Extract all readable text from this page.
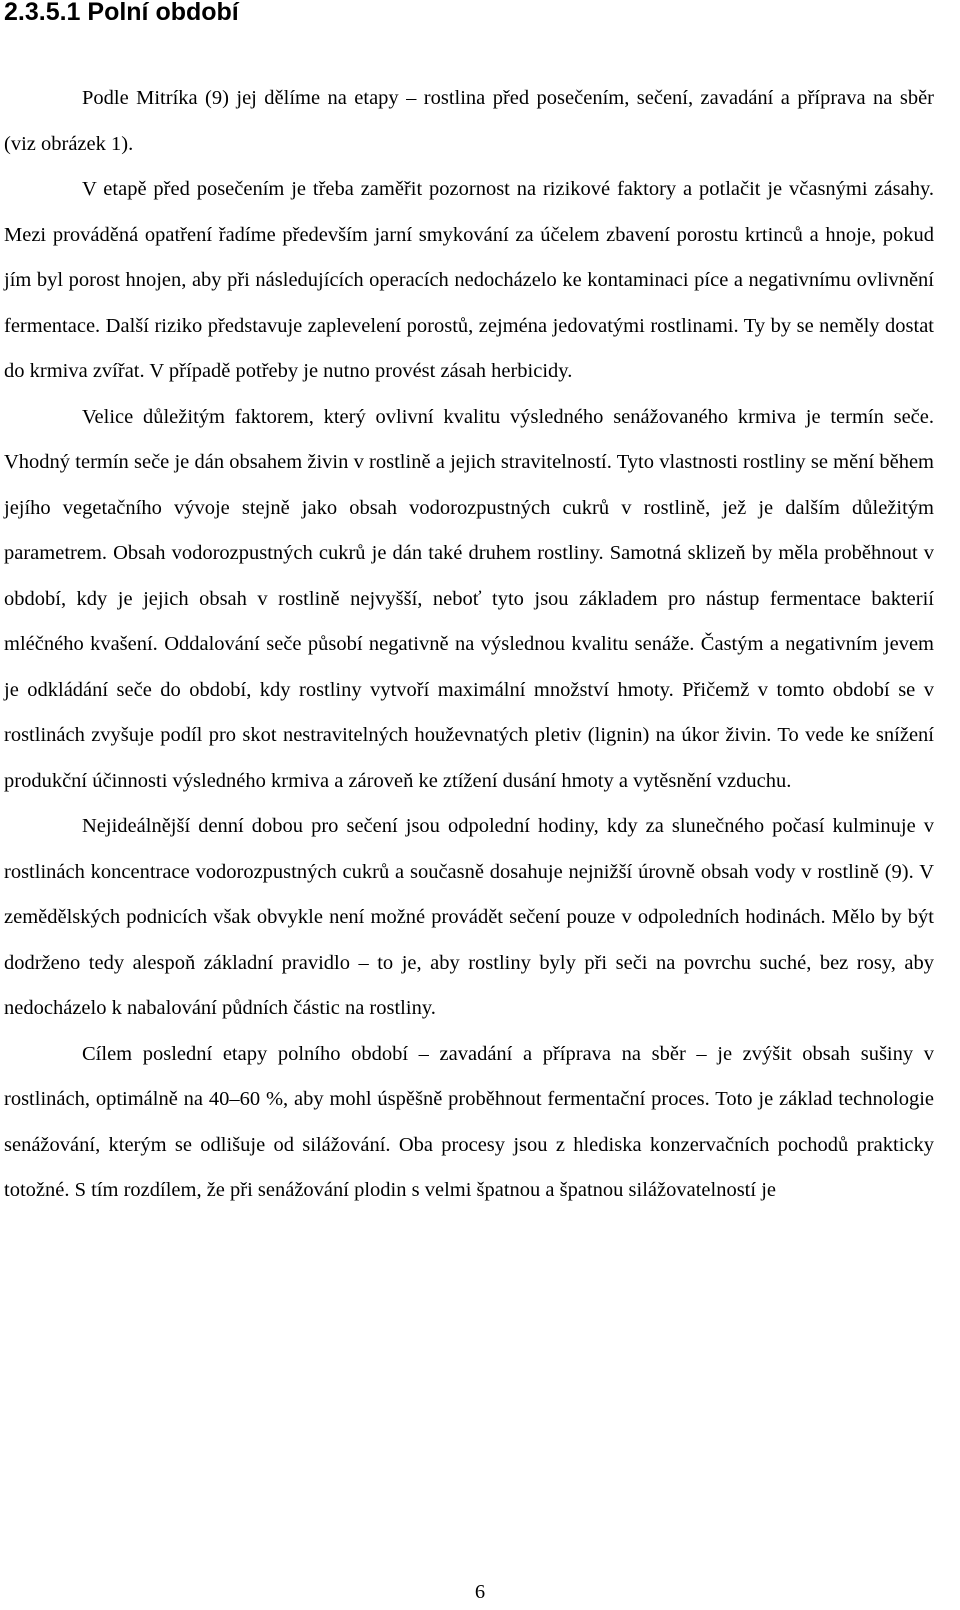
2.3.5.1 Polní období

Podle Mitríka (9) jej dělíme na etapy – rostlina před posečením, sečení, zavadání a příprava na sběr (viz obrázek 1).

V etapě před posečením je třeba zaměřit pozornost na rizikové faktory a potlačit je včasnými zásahy. Mezi prováděná opatření řadíme především jarní smykování za účelem zbavení porostu krtinců a hnoje, pokud jím byl porost hnojen, aby při následujících operacích nedocházelo ke kontaminaci píce a negativnímu ovlivnění fermentace. Další riziko představuje zaplevelení porostů, zejména jedovatými rostlinami. Ty by se neměly dostat do krmiva zvířat. V případě potřeby je nutno provést zásah herbicidy.

Velice důležitým faktorem, který ovlivní kvalitu výsledného senážovaného krmiva je termín seče. Vhodný termín seče je dán obsahem živin v rostlině a jejich stravitelností. Tyto vlastnosti rostliny se mění během jejího vegetačního vývoje stejně jako obsah vodorozpustných cukrů v rostlině, jež je dalším důležitým parametrem. Obsah vodorozpustných cukrů je dán také druhem rostliny. Samotná sklizeň by měla proběhnout v období, kdy je jejich obsah v rostlině nejvyšší, neboť tyto jsou základem pro nástup fermentace bakterií mléčného kvašení. Oddalování seče působí negativně na výslednou kvalitu senáže. Častým a negativním jevem je odkládání seče do období, kdy rostliny vytvoří maximální množství hmoty. Přičemž v tomto období se v rostlinách zvyšuje podíl pro skot nestravitelných houževnatých pletiv (lignin) na úkor živin. To vede ke snížení produkční účinnosti výsledného krmiva a zároveň ke ztížení dusání hmoty a vytěsnění vzduchu.

Nejideálnější denní dobou pro sečení jsou odpolední hodiny, kdy za slunečného počasí kulminuje v rostlinách koncentrace vodorozpustných cukrů a současně dosahuje nejnižší úrovně obsah vody v rostlině (9). V zemědělských podnicích však obvykle není možné provádět sečení pouze v odpoledních hodinách. Mělo by být dodrženo tedy alespoň základní pravidlo – to je, aby rostliny byly při seči na povrchu suché, bez rosy, aby nedocházelo k nabalování půdních částic na rostliny.

Cílem poslední etapy polního období – zavadání a příprava na sběr – je zvýšit obsah sušiny v rostlinách, optimálně na 40–60 %, aby mohl úspěšně proběhnout fermentační proces. Toto je základ technologie senážování, kterým se odlišuje od silážování. Oba procesy jsou z hlediska konzervačních pochodů prakticky totožné. S tím rozdílem, že při senážování plodin s velmi špatnou a špatnou silážovatelností je

6
